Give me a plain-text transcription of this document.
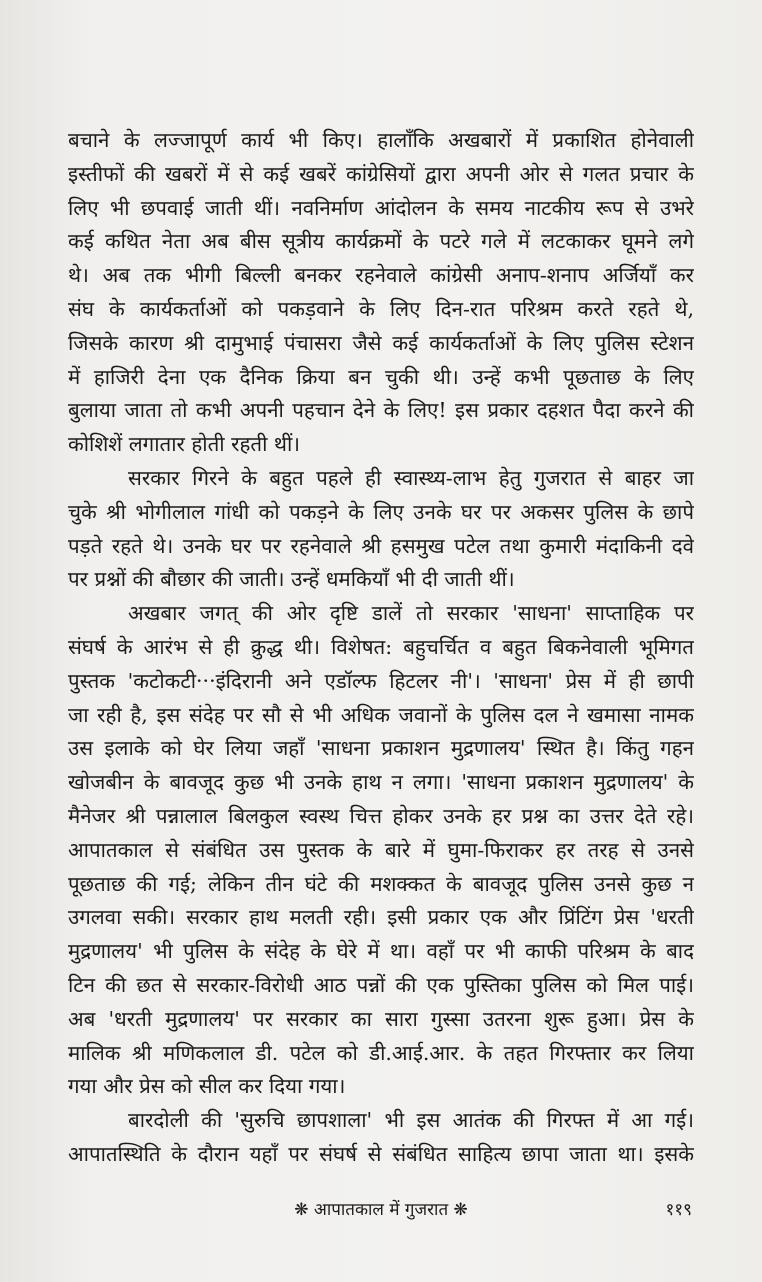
बचाने के लज्जापूर्ण कार्य भी किए। हालाँकि अखबारों में प्रकाशित होनेवाली
इस्तीफों की खबरों में से कई खबरें कांग्रेसियों द्वारा अपनी ओर से गलत प्रचार के
लिए भी छपवाई जाती थीं। नवनिर्माण आंदोलन के समय नाटकीय रूप से उभरे
कई कथित नेता अब बीस सूत्रीय कार्यक्रमों के पटरे गले में लटकाकर घूमने लगे
थे। अब तक भीगी बिल्ली बनकर रहनेवाले कांग्रेसी अनाप-शनाप अर्जियाँ कर
संघ के कार्यकर्ताओं को पकड़वाने के लिए दिन-रात परिश्रम करते रहते थे,
जिसके कारण श्री दामुभाई पंचासरा जैसे कई कार्यकर्ताओं के लिए पुलिस स्टेशन
में हाजिरी देना एक दैनिक क्रिया बन चुकी थी। उन्हें कभी पूछताछ के लिए
बुलाया जाता तो कभी अपनी पहचान देने के लिए! इस प्रकार दहशत पैदा करने की
कोशिशें लगातार होती रहती थीं।
सरकार गिरने के बहुत पहले ही स्वास्थ्य-लाभ हेतु गुजरात से बाहर जा
चुके श्री भोगीलाल गांधी को पकड़ने के लिए उनके घर पर अकसर पुलिस के छापे
पड़ते रहते थे। उनके घर पर रहनेवाले श्री हसमुख पटेल तथा कुमारी मंदाकिनी दवे
पर प्रश्नों की बौछार की जाती। उन्हें धमकियाँ भी दी जाती थीं।
अखबार जगत् की ओर दृष्टि डालें तो सरकार 'साधना' साप्ताहिक पर
संघर्ष के आरंभ से ही क्रुद्ध थी। विशेषत: बहुचर्चित व बहुत बिकनेवाली भूमिगत
पुस्तक 'कटोकटी···इंदिरानी अने एडॉल्फ हिटलर नी'। 'साधना' प्रेस में ही छापी
जा रही है, इस संदेह पर सौ से भी अधिक जवानों के पुलिस दल ने खमासा नामक
उस इलाके को घेर लिया जहाँ 'साधना प्रकाशन मुद्रणालय' स्थित है। किंतु गहन
खोजबीन के बावजूद कुछ भी उनके हाथ न लगा। 'साधना प्रकाशन मुद्रणालय' के
मैनेजर श्री पन्नालाल बिलकुल स्वस्थ चित्त होकर उनके हर प्रश्न का उत्तर देते रहे।
आपातकाल से संबंधित उस पुस्तक के बारे में घुमा-फिराकर हर तरह से उनसे
पूछताछ की गई; लेकिन तीन घंटे की मशक्कत के बावजूद पुलिस उनसे कुछ न
उगलवा सकी। सरकार हाथ मलती रही। इसी प्रकार एक और प्रिंटिंग प्रेस 'धरती
मुद्रणालय' भी पुलिस के संदेह के घेरे में था। वहाँ पर भी काफी परिश्रम के बाद
टिन की छत से सरकार-विरोधी आठ पन्नों की एक पुस्तिका पुलिस को मिल पाई।
अब 'धरती मुद्रणालय' पर सरकार का सारा गुस्सा उतरना शुरू हुआ। प्रेस के
मालिक श्री मणिकलाल डी. पटेल को डी.आई.आर. के तहत गिरफ्तार कर लिया
गया और प्रेस को सील कर दिया गया।
बारदोली की 'सुरुचि छापशाला' भी इस आतंक की गिरफ्त में आ गई।
आपातस्थिति के दौरान यहाँ पर संघर्ष से संबंधित साहित्य छापा जाता था। इसके
❋ आपातकाल में गुजरात ❋	११९
